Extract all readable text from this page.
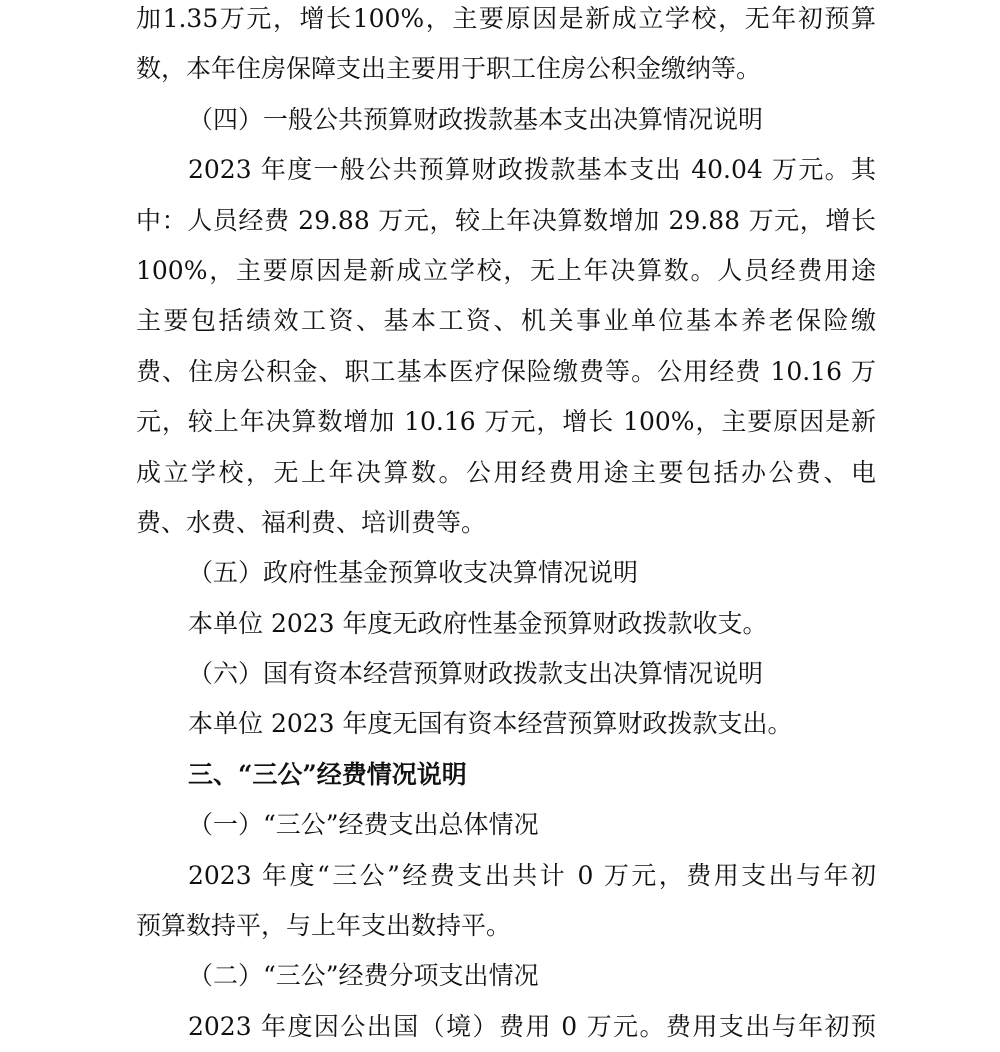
加1.35万元，增长100%，主要原因是新成立学校，无年初预算
数，本年住房保障支出主要用于职工住房公积金缴纳等。
（四）一般公共预算财政拨款基本支出决算情况说明
2023 年度一般公共预算财政拨款基本支出 40.04 万元。其
中：人员经费 29.88 万元，较上年决算数增加 29.88 万元，增长
100%，主要原因是新成立学校，无上年决算数。人员经费用途
主要包括绩效工资、基本工资、机关事业单位基本养老保险缴
费、住房公积金、职工基本医疗保险缴费等。公用经费 10.16 万
元，较上年决算数增加 10.16 万元，增长 100%，主要原因是新
成立学校，无上年决算数。公用经费用途主要包括办公费、电
费、水费、福利费、培训费等。
（五）政府性基金预算收支决算情况说明
本单位 2023 年度无政府性基金预算财政拨款收支。
（六）国有资本经营预算财政拨款支出决算情况说明
本单位 2023 年度无国有资本经营预算财政拨款支出。
三、“三公”经费情况说明
（一）“三公”经费支出总体情况
2023 年度“三公”经费支出共计 0 万元，费用支出与年初
预算数持平，与上年支出数持平。
（二）“三公”经费分项支出情况
2023 年度因公出国（境）费用 0 万元。费用支出与年初预
